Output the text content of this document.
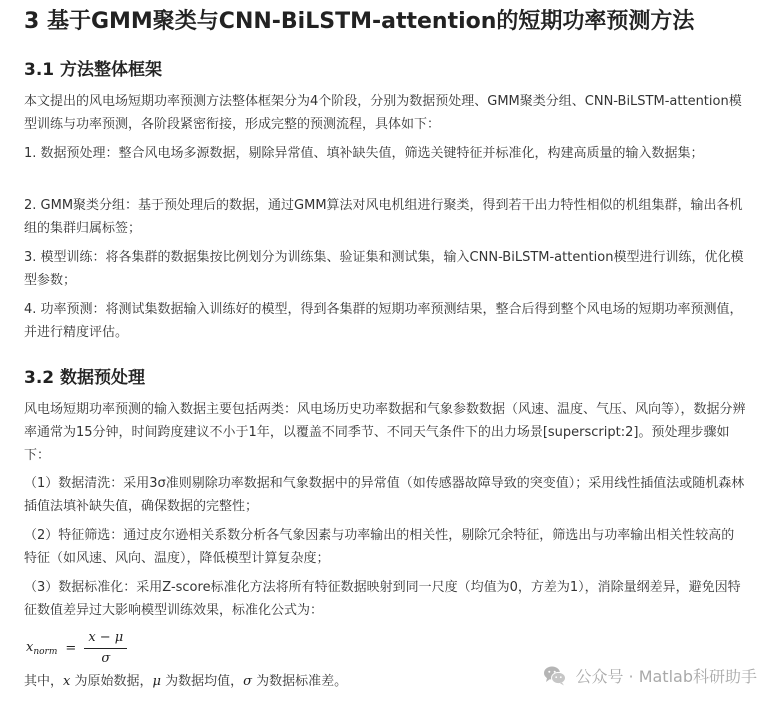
3 基于GMM聚类与CNN-BiLSTM-attention的短期功率预测方法
3.1 方法整体框架

本文提出的风电场短期功率预测方法整体框架分为4个阶段，分别为数据预处理、GMM聚类分组、CNN-BiLSTM-attention模型训练与功率预测，各阶段紧密衔接，形成完整的预测流程，具体如下：

1. 数据预处理：整合风电场多源数据，剔除异常值、填补缺失值，筛选关键特征并标准化，构建高质量的输入数据集；

2. GMM聚类分组：基于预处理后的数据，通过GMM算法对风电机组进行聚类，得到若干出力特性相似的机组集群，输出各机组的集群归属标签；

3. 模型训练：将各集群的数据集按比例划分为训练集、验证集和测试集，输入CNN-BiLSTM-attention模型进行训练，优化模型参数；

4. 功率预测：将测试集数据输入训练好的模型，得到各集群的短期功率预测结果，整合后得到整个风电场的短期功率预测值，并进行精度评估。

3.2 数据预处理

风电场短期功率预测的输入数据主要包括两类：风电场历史功率数据和气象参数数据（风速、温度、气压、风向等），数据分辨率通常为15分钟，时间跨度建议不小于1年，以覆盖不同季节、不同天气条件下的出力场景[superscript:2]。预处理步骤如下：

（1）数据清洗：采用3σ准则剔除功率数据和气象数据中的异常值（如传感器故障导致的突变值）；采用线性插值法或随机森林插值法填补缺失值，确保数据的完整性；

（2）特征筛选：通过皮尔逊相关系数分析各气象因素与功率输出的相关性，剔除冗余特征，筛选出与功率输出相关性较高的特征（如风速、风向、温度），降低模型计算复杂度；

（3）数据标准化：采用Z-score标准化方法将所有特征数据映射到同一尺度（均值为0，方差为1），消除量纲差异，避免因特征数值差异过大影响模型训练效果，标准化公式为：

$x_{norm} = \frac{x - \mu}{\sigma}$

其中，x 为原始数据，μ 为数据均值，σ 为数据标准差。	公众号 · Matlab科研助手
